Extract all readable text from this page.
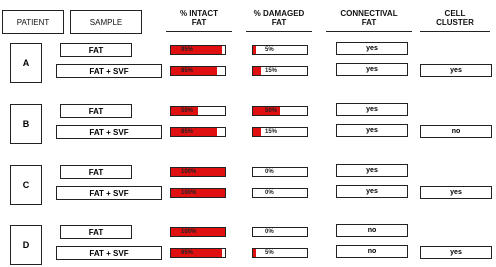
PATIENT	SAMPLE
% INTACT
FAT
% DAMAGED
FAT
CONNECTIVAL
FAT
CELL
CLUSTER
A
FAT	95%	5%	yes
FAT + SVF	85%	15%	yes	yes
B
FAT	50%	50%	yes
FAT + SVF	85%	15%	yes	no
C
FAT	100%	0%	yes
FAT + SVF	100%	0%	yes	yes
D
FAT	100%	0%	no
FAT + SVF	95%	5%	no	yes
